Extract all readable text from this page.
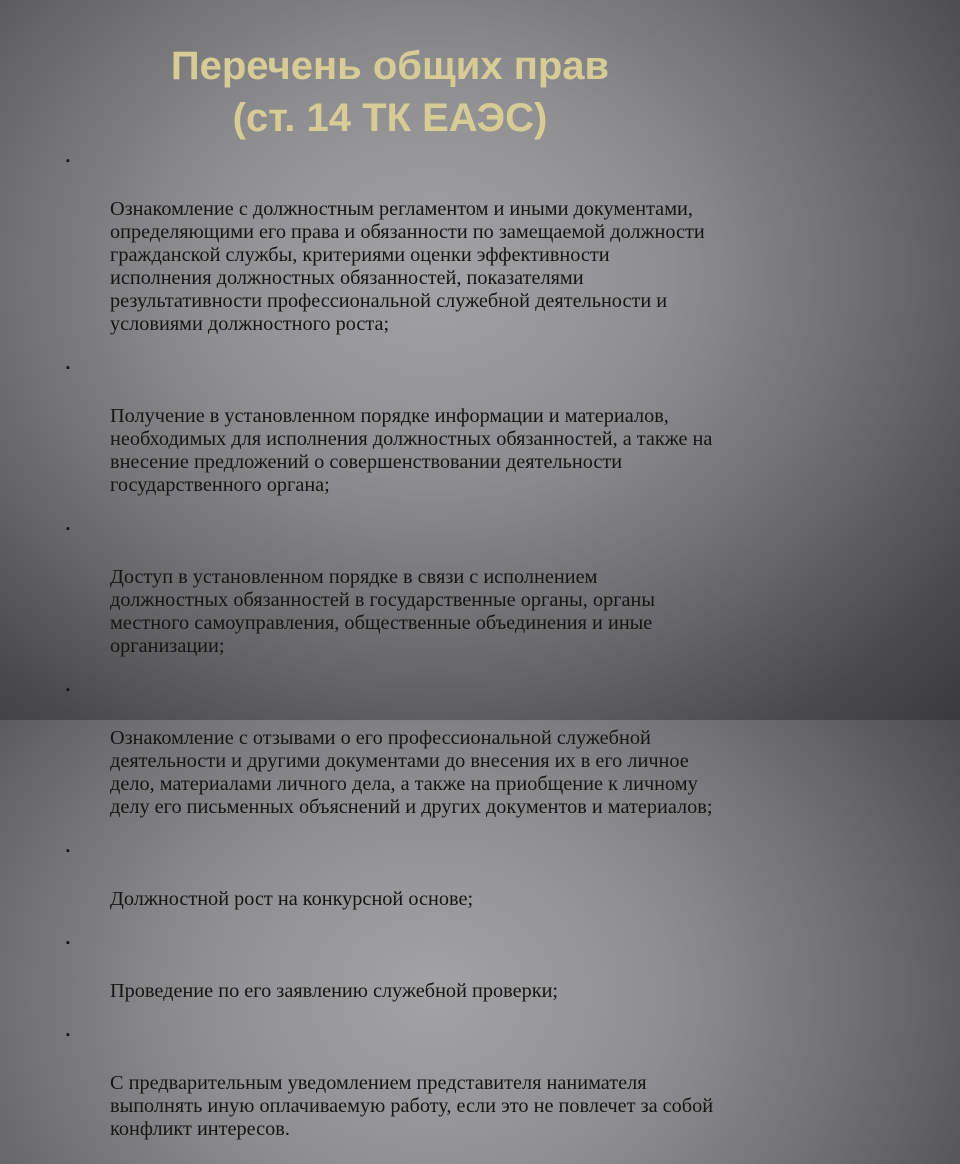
Перечень общих прав
(ст. 14 ТК ЕАЭС)

▪

Ознакомление с должностным регламентом и иными документами,
определяющими его права и обязанности по замещаемой должности
гражданской службы, критериями оценки эффективности
исполнения должностных обязанностей, показателями
результативности профессиональной служебной деятельности и
условиями должностного роста;

▪

Получение в установленном порядке информации и материалов,
необходимых для исполнения должностных обязанностей, а также на
внесение предложений о совершенствовании деятельности
государственного органа;

▪

Доступ в установленном порядке в связи с исполнением
должностных обязанностей в государственные органы, органы
местного самоуправления, общественные объединения и иные
организации;

▪

Ознакомление с отзывами о его профессиональной служебной
деятельности и другими документами до внесения их в его личное
дело, материалами личного дела, а также на приобщение к личному
делу его письменных объяснений и других документов и материалов;

▪

Должностной рост на конкурсной основе;

▪

Проведение по его заявлению служебной проверки;

▪

С предварительным уведомлением представителя нанимателя
выполнять иную оплачиваемую работу, если это не повлечет за собой
конфликт интересов.
